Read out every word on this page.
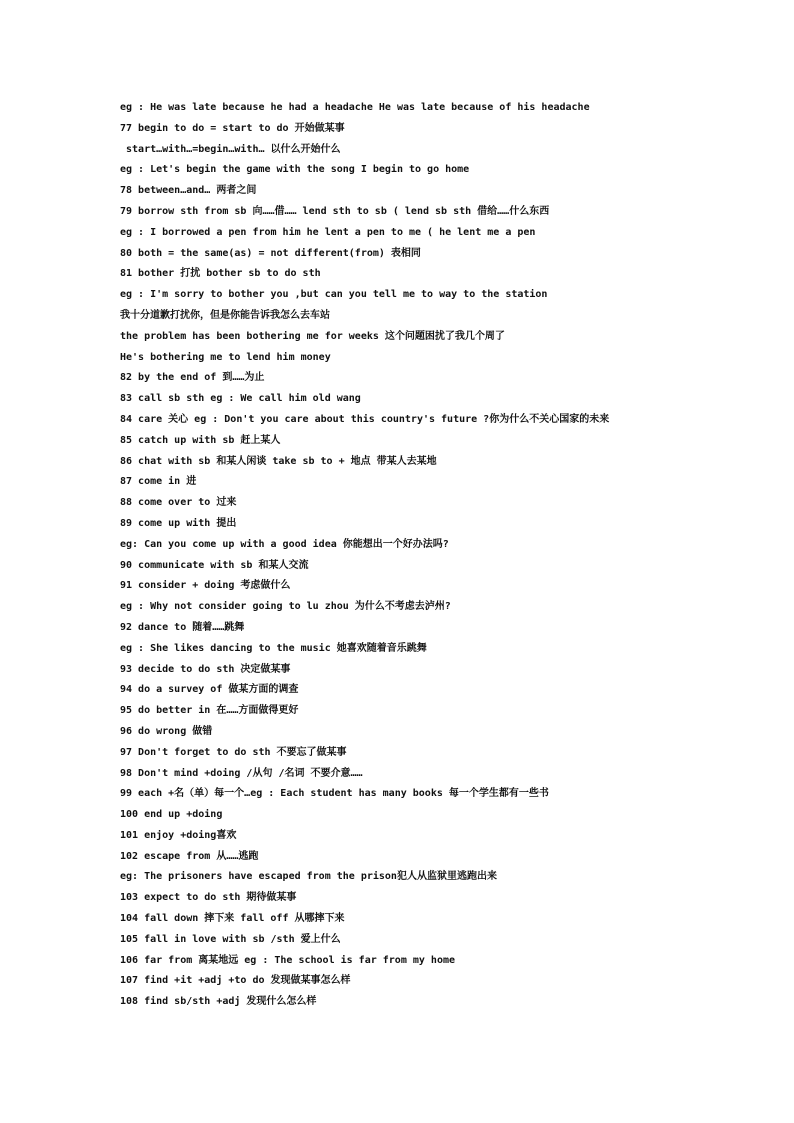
eg : He was late because he had a headache He was late because of his headache
77 begin to do = start to do 开始做某事
start…with…=begin…with… 以什么开始什么
eg : Let's begin the game with the song I begin to go home
78 between…and… 两者之间
79 borrow sth from sb 向……借…… lend sth to sb ( lend sb sth 借给……什么东西
eg : I borrowed a pen from him he lent a pen to me ( he lent me a pen
80 both = the same(as) = not different(from) 表相同
81 bother 打扰 bother sb to do sth
eg : I'm sorry to bother you ,but can you tell me to way to the station
我十分道歉打扰你，但是你能告诉我怎么去车站
the problem has been bothering me for weeks 这个问题困扰了我几个周了
He's bothering me to lend him money
82 by the end of 到……为止
83 call sb sth eg : We call him old wang
84 care 关心 eg : Don't you care about this country's future ?你为什么不关心国家的未来
85 catch up with sb 赶上某人
86 chat with sb 和某人闲谈 take sb to + 地点 带某人去某地
87 come in 进
88 come over to 过来
89 come up with 提出
eg: Can you come up with a good idea 你能想出一个好办法吗?
90 communicate with sb 和某人交流
91 consider + doing 考虑做什么
eg : Why not consider going to lu zhou 为什么不考虑去泸州?
92 dance to 随着……跳舞
eg : She likes dancing to the music 她喜欢随着音乐跳舞
93 decide to do sth 决定做某事
94 do a survey of 做某方面的调查
95 do better in 在……方面做得更好
96 do wrong 做错
97 Don't forget to do sth 不要忘了做某事
98 Don't mind +doing /从句 /名词 不要介意……
99 each +名（单）每一个…eg : Each student has many books 每一个学生都有一些书
100 end up +doing
101 enjoy +doing喜欢
102 escape from 从……逃跑
eg: The prisoners have escaped from the prison犯人从监狱里逃跑出来
103 expect to do sth 期待做某事
104 fall down 摔下来 fall off 从哪摔下来
105 fall in love with sb /sth 爱上什么
106 far from 离某地远 eg : The school is far from my home
107 find +it +adj +to do 发现做某事怎么样
108 find sb/sth +adj 发现什么怎么样
